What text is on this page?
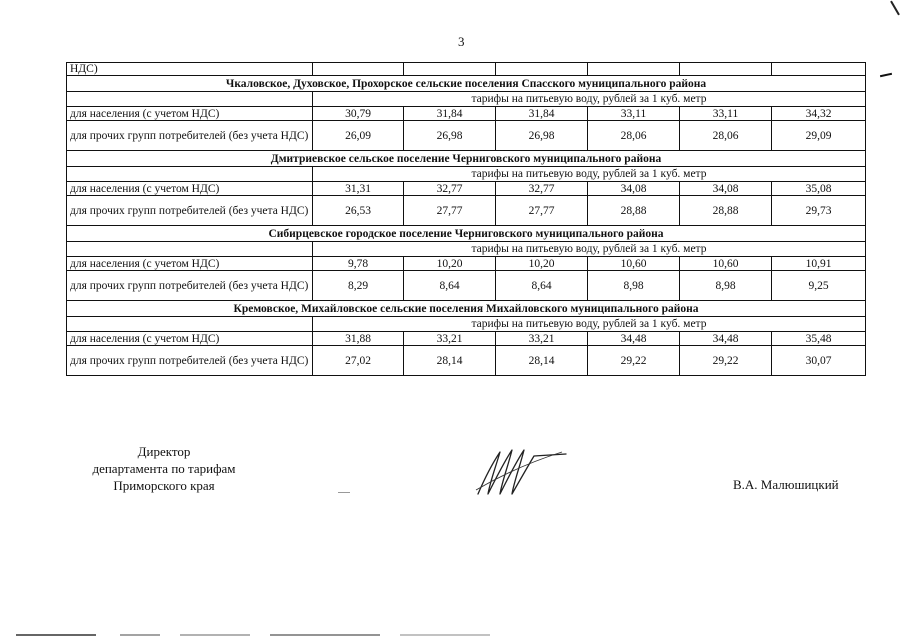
3
НДС)						
Чкаловское, Духовское, Прохорское сельские поселения Спасского муниципального района						
	тарифы на питьевую воду, рублей за 1 куб. метр					
для населения (с учетом НДС)	30,79	31,84	31,84	33,11	33,11	34,32
для прочих групп потребителей (без учета НДС)	26,09	26,98	26,98	28,06	28,06	29,09
Дмитриевское сельское поселение Черниговского муниципального района						
	тарифы на питьевую воду, рублей за 1 куб. метр					
для населения (с учетом НДС)	31,31	32,77	32,77	34,08	34,08	35,08
для прочих групп потребителей (без учета НДС)	26,53	27,77	27,77	28,88	28,88	29,73
Сибирцевское городское поселение Черниговского муниципального района						
	тарифы на питьевую воду, рублей за 1 куб. метр					
для населения (с учетом НДС)	9,78	10,20	10,20	10,60	10,60	10,91
для прочих групп потребителей (без учета НДС)	8,29	8,64	8,64	8,98	8,98	9,25
Кремовское, Михайловское сельские поселения Михайловского муниципального района						
	тарифы на питьевую воду, рублей за 1 куб. метр					
для населения (с учетом НДС)	31,88	33,21	33,21	34,48	34,48	35,48
для прочих групп потребителей (без учета НДС)	27,02	28,14	28,14	29,22	29,22	30,07
Директор
департамента по тарифам
Приморского края	В.А. Малюшицкий
